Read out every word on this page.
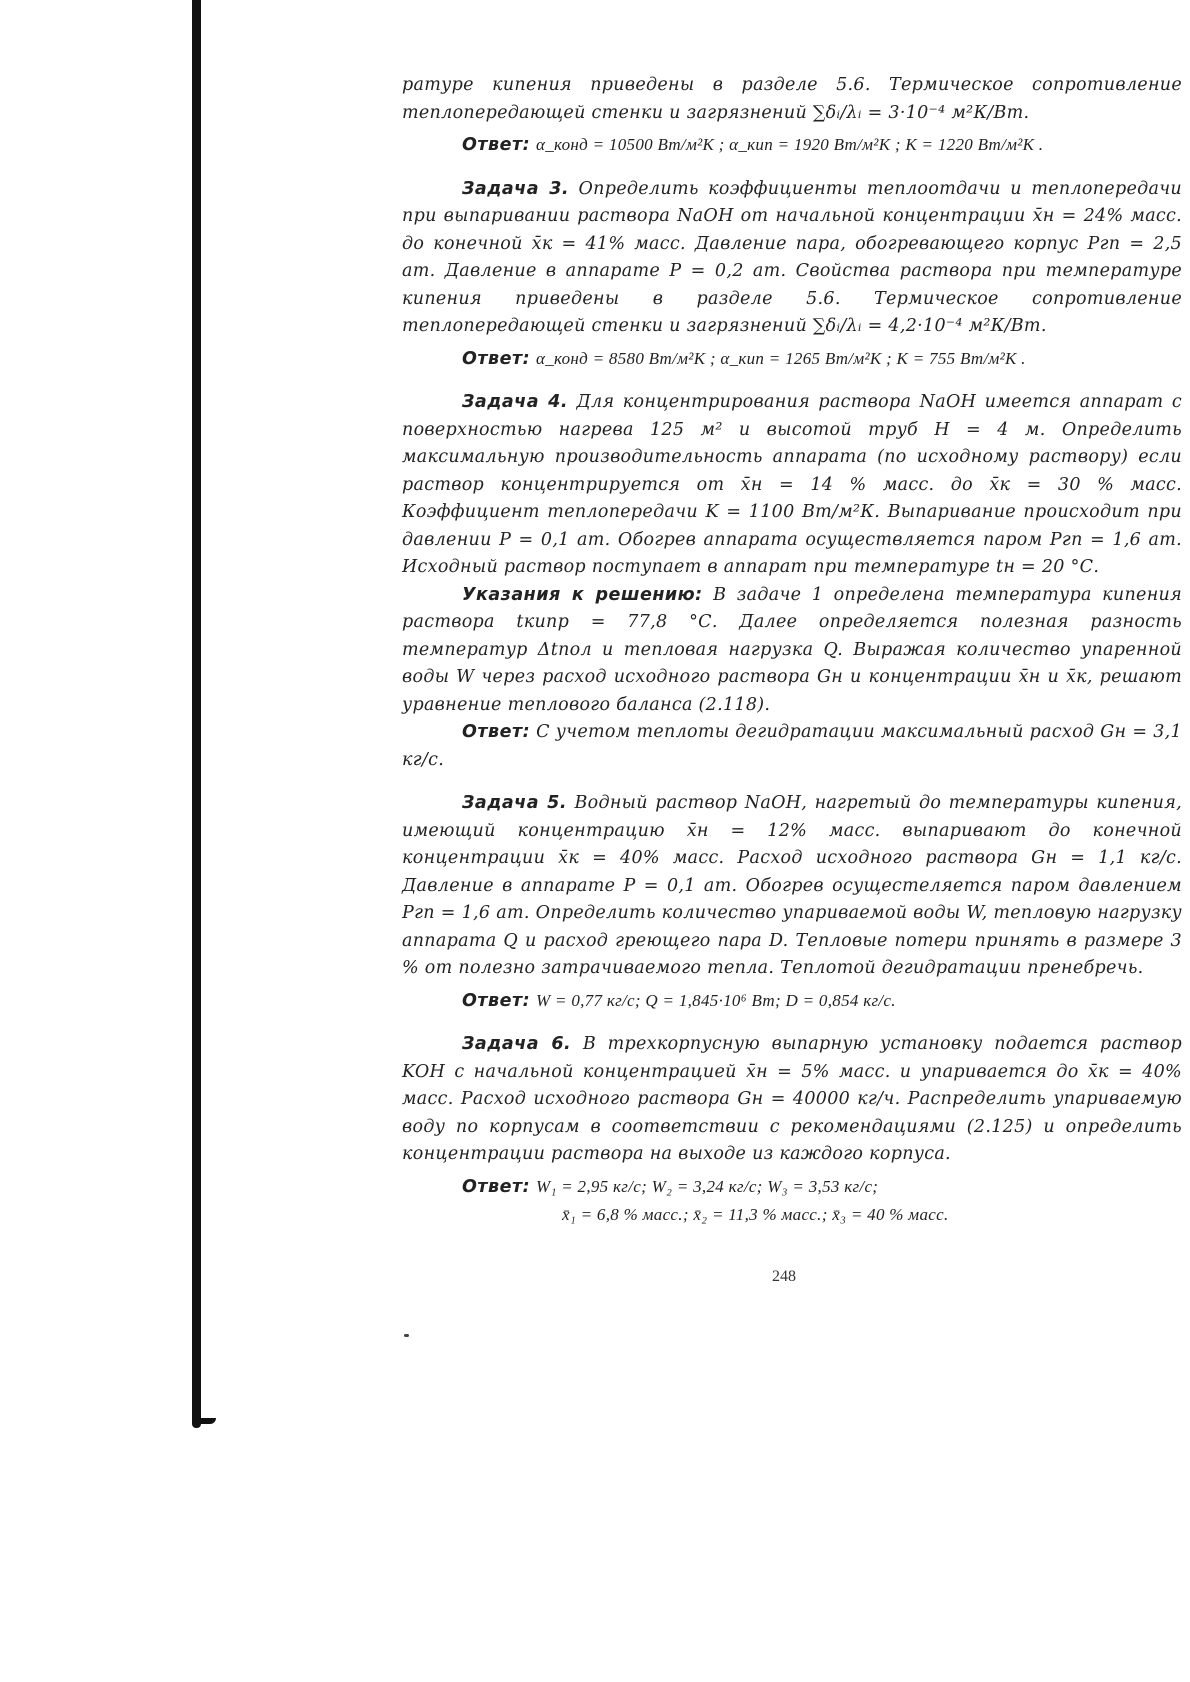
ратуре кипения приведены в разделе 5.6. Термическое сопротивление теплопередающей стенки и загрязнений ∑δᵢ/λᵢ = 3·10⁻⁴ м²К/Вт.

Ответ: α_конд = 10500 Вт/м²К ; α_кип = 1920 Вт/м²К ; K = 1220 Вт/м²К .

Задача 3. Определить коэффициенты теплоотдачи и теплопередачи при выпаривании раствора NaOH от начальной концентрации x̄н = 24% масс. до конечной x̄к = 41% масс. Давление пара, обогревающего корпус Pгп = 2,5 ат. Давление в аппарате P = 0,2 ат. Свойства раствора при температуре кипения приведены в разделе 5.6. Термическое сопротивление теплопередающей стенки и загрязнений ∑δᵢ/λᵢ = 4,2·10⁻⁴ м²К/Вт.

Ответ: α_конд = 8580 Вт/м²К ; α_кип = 1265 Вт/м²К ; K = 755 Вт/м²К .

Задача 4. Для концентрирования раствора NaOH имеется аппарат с поверхностью нагрева 125 м² и высотой труб H = 4 м. Определить максимальную производительность аппарата (по исходному раствору) если раствор концентрируется от x̄н = 14 % масс. до x̄к = 30 % масс. Коэффициент теплопередачи K = 1100 Вт/м²К. Выпаривание происходит при давлении P = 0,1 ат. Обогрев аппарата осуществляется паром Pгп = 1,6 ат. Исходный раствор поступает в аппарат при температуре tн = 20 °С.

Указания к решению: В задаче 1 определена температура кипения раствора tкипр = 77,8 °С. Далее определяется полезная разность температур Δtпол и тепловая нагрузка Q. Выражая количество упаренной воды W через расход исходного раствора Gн и концентрации x̄н и x̄к, решают уравнение теплового баланса (2.118).

Ответ: С учетом теплоты дегидратации максимальный расход Gн = 3,1 кг/с.

Задача 5. Водный раствор NaOH, нагретый до температуры кипения, имеющий концентрацию x̄н = 12% масс. выпаривают до конечной концентрации x̄к = 40% масс. Расход исходного раствора Gн = 1,1 кг/с. Давление в аппарате P = 0,1 ат. Обогрев осущестеляется паром давлением Pгп = 1,6 ат. Определить количество упариваемой воды W, тепловую нагрузку аппарата Q и расход греющего пара D. Тепловые потери принять в размере 3 % от полезно затрачиваемого тепла. Теплотой дегидратации пренебречь.

Ответ: W = 0,77 кг/с; Q = 1,845·10⁶ Вт; D = 0,854 кг/с.

Задача 6. В трехкорпусную выпарную установку подается раствор KOH с начальной концентрацией x̄н = 5% масс. и упаривается до x̄к = 40% масс. Расход исходного раствора Gн = 40000 кг/ч. Распределить упариваемую воду по корпусам в соответствии с рекомендациями (2.125) и определить концентрации раствора на выходе из каждого корпуса.

Ответ: W₁ = 2,95 кг/с; W₂ = 3,24 кг/с; W₃ = 3,53 кг/с;

x̄₁ = 6,8 % масс.; x̄₂ = 11,3 % масс.; x̄₃ = 40 % масс.

248
